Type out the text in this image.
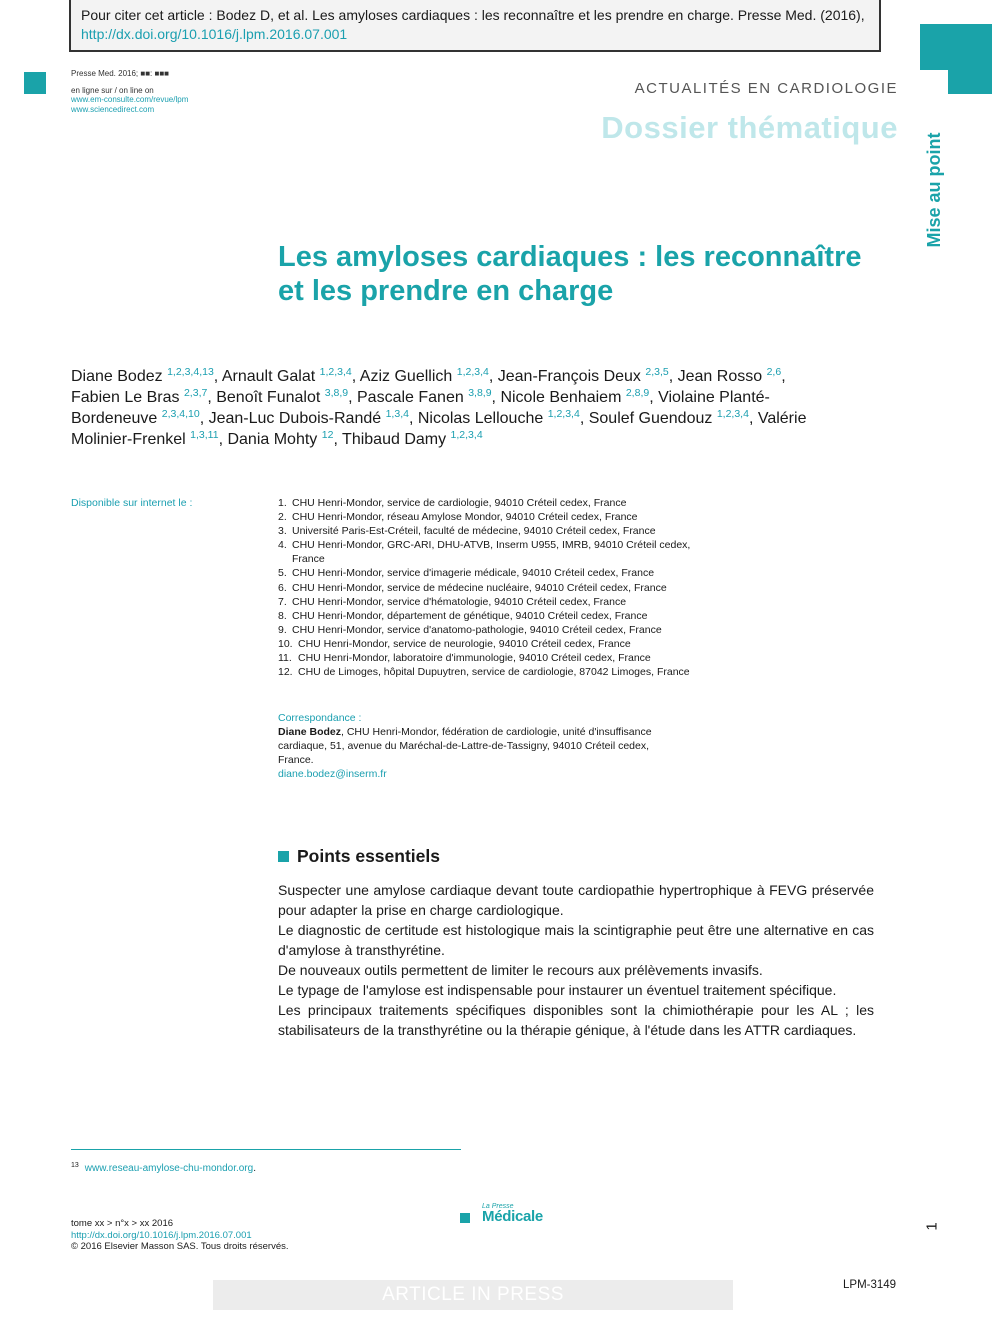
Pour citer cet article : Bodez D, et al. Les amyloses cardiaques : les reconnaître et les prendre en charge. Presse Med. (2016),
http://dx.doi.org/10.1016/j.lpm.2016.07.001
Presse Med. 2016; ■■: ■■■
en ligne sur / on line on
www.em-consulte.com/revue/lpm
www.sciencedirect.com
ACTUALITÉS EN CARDIOLOGIE
Dossier thématique
Mise au point
Les amyloses cardiaques : les reconnaître et les prendre en charge
Diane Bodez $^{1,2,3,4,13}$, Arnault Galat $^{1,2,3,4}$, Aziz Guellich $^{1,2,3,4}$, Jean-François Deux $^{2,3,5}$, Jean Rosso $^{2,6}$, Fabien Le Bras $^{2,3,7}$, Benoît Funalot $^{3,8,9}$, Pascale Fanen $^{3,8,9}$, Nicole Benhaiem $^{2,8,9}$, Violaine Planté-Bordeneuve $^{2,3,4,10}$, Jean-Luc Dubois-Randé $^{1,3,4}$, Nicolas Lellouche $^{1,2,3,4}$, Soulef Guendouz $^{1,2,3,4}$, Valérie Molinier-Frenkel $^{1,3,11}$, Dania Mohty $^{12}$, Thibaud Damy $^{1,2,3,4}$
Disponible sur internet le :	1. CHU Henri-Mondor, service de cardiologie, 94010 Créteil cedex, France
2. CHU Henri-Mondor, réseau Amylose Mondor, 94010 Créteil cedex, France
3. Université Paris-Est-Créteil, faculté de médecine, 94010 Créteil cedex, France
4. CHU Henri-Mondor, GRC-ARI, DHU-ATVB, Inserm U955, IMRB, 94010 Créteil cedex, France
5. CHU Henri-Mondor, service d'imagerie médicale, 94010 Créteil cedex, France
6. CHU Henri-Mondor, service de médecine nucléaire, 94010 Créteil cedex, France
7. CHU Henri-Mondor, service d'hématologie, 94010 Créteil cedex, France
8. CHU Henri-Mondor, département de génétique, 94010 Créteil cedex, France
9. CHU Henri-Mondor, service d'anatomo-pathologie, 94010 Créteil cedex, France
10. CHU Henri-Mondor, service de neurologie, 94010 Créteil cedex, France
11. CHU Henri-Mondor, laboratoire d'immunologie, 94010 Créteil cedex, France
12. CHU de Limoges, hôpital Dupuytren, service de cardiologie, 87042 Limoges, France
Correspondance :
Diane Bodez, CHU Henri-Mondor, fédération de cardiologie, unité d'insuffisance cardiaque, 51, avenue du Maréchal-de-Lattre-de-Tassigny, 94010 Créteil cedex, France.
diane.bodez@inserm.fr
Points essentiels

Suspecter une amylose cardiaque devant toute cardiopathie hypertrophique à FEVG préservée pour adapter la prise en charge cardiologique.

Le diagnostic de certitude est histologique mais la scintigraphie peut être une alternative en cas d'amylose à transthyrétine.

De nouveaux outils permettent de limiter le recours aux prélèvements invasifs.

Le typage de l'amylose est indispensable pour instaurer un éventuel traitement spécifique.

Les principaux traitements spécifiques disponibles sont la chimiothérapie pour les AL ; les stabilisateurs de la transthyrétine ou la thérapie génique, à l'étude dans les ATTR cardiaques.

$^{13}$ www.reseau-amylose-chu-mondor.org.
tome xx > n°x > xx 2016
http://dx.doi.org/10.1016/j.lpm.2016.07.001
© 2016 Elsevier Masson SAS. Tous droits réservés.
La Presse
Médicale
1
ARTICLE IN PRESS	LPM-3149
